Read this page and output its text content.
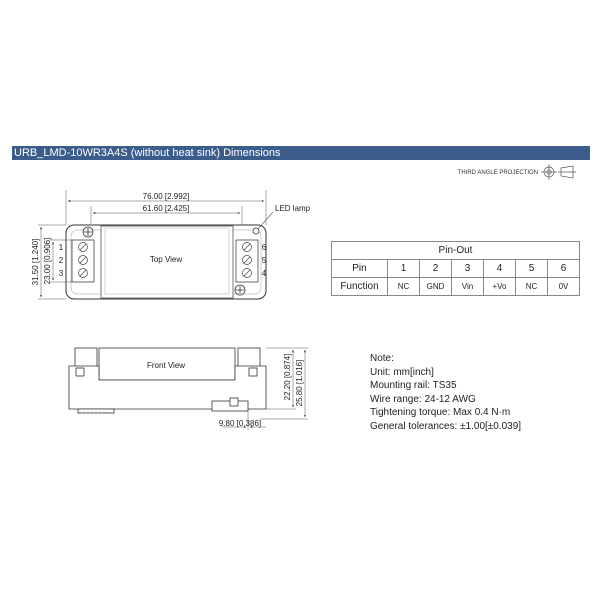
URB_LMD-10WR3A4S (without heat sink) Dimensions
THIRD ANGLE PROJECTION
76.00 [2.992]
61.60 [2.425]	LED lamp
Top View
31.50 [1.240] 23.00 [0.906] 1
2
3
6
5
4
Front View	22.20 [0.874] 25.80 [1.016]
9.80 [0.386]
Pin-Out						
Pin	1	2	3	4	5	6
Function	NC	GND	Vin	+Vo	NC	0V
Note:
Unit: mm[inch]
Mounting rail: TS35
Wire range: 24-12 AWG
Tightening torque: Max 0.4 N·m
General tolerances: ±1.00[±0.039]
